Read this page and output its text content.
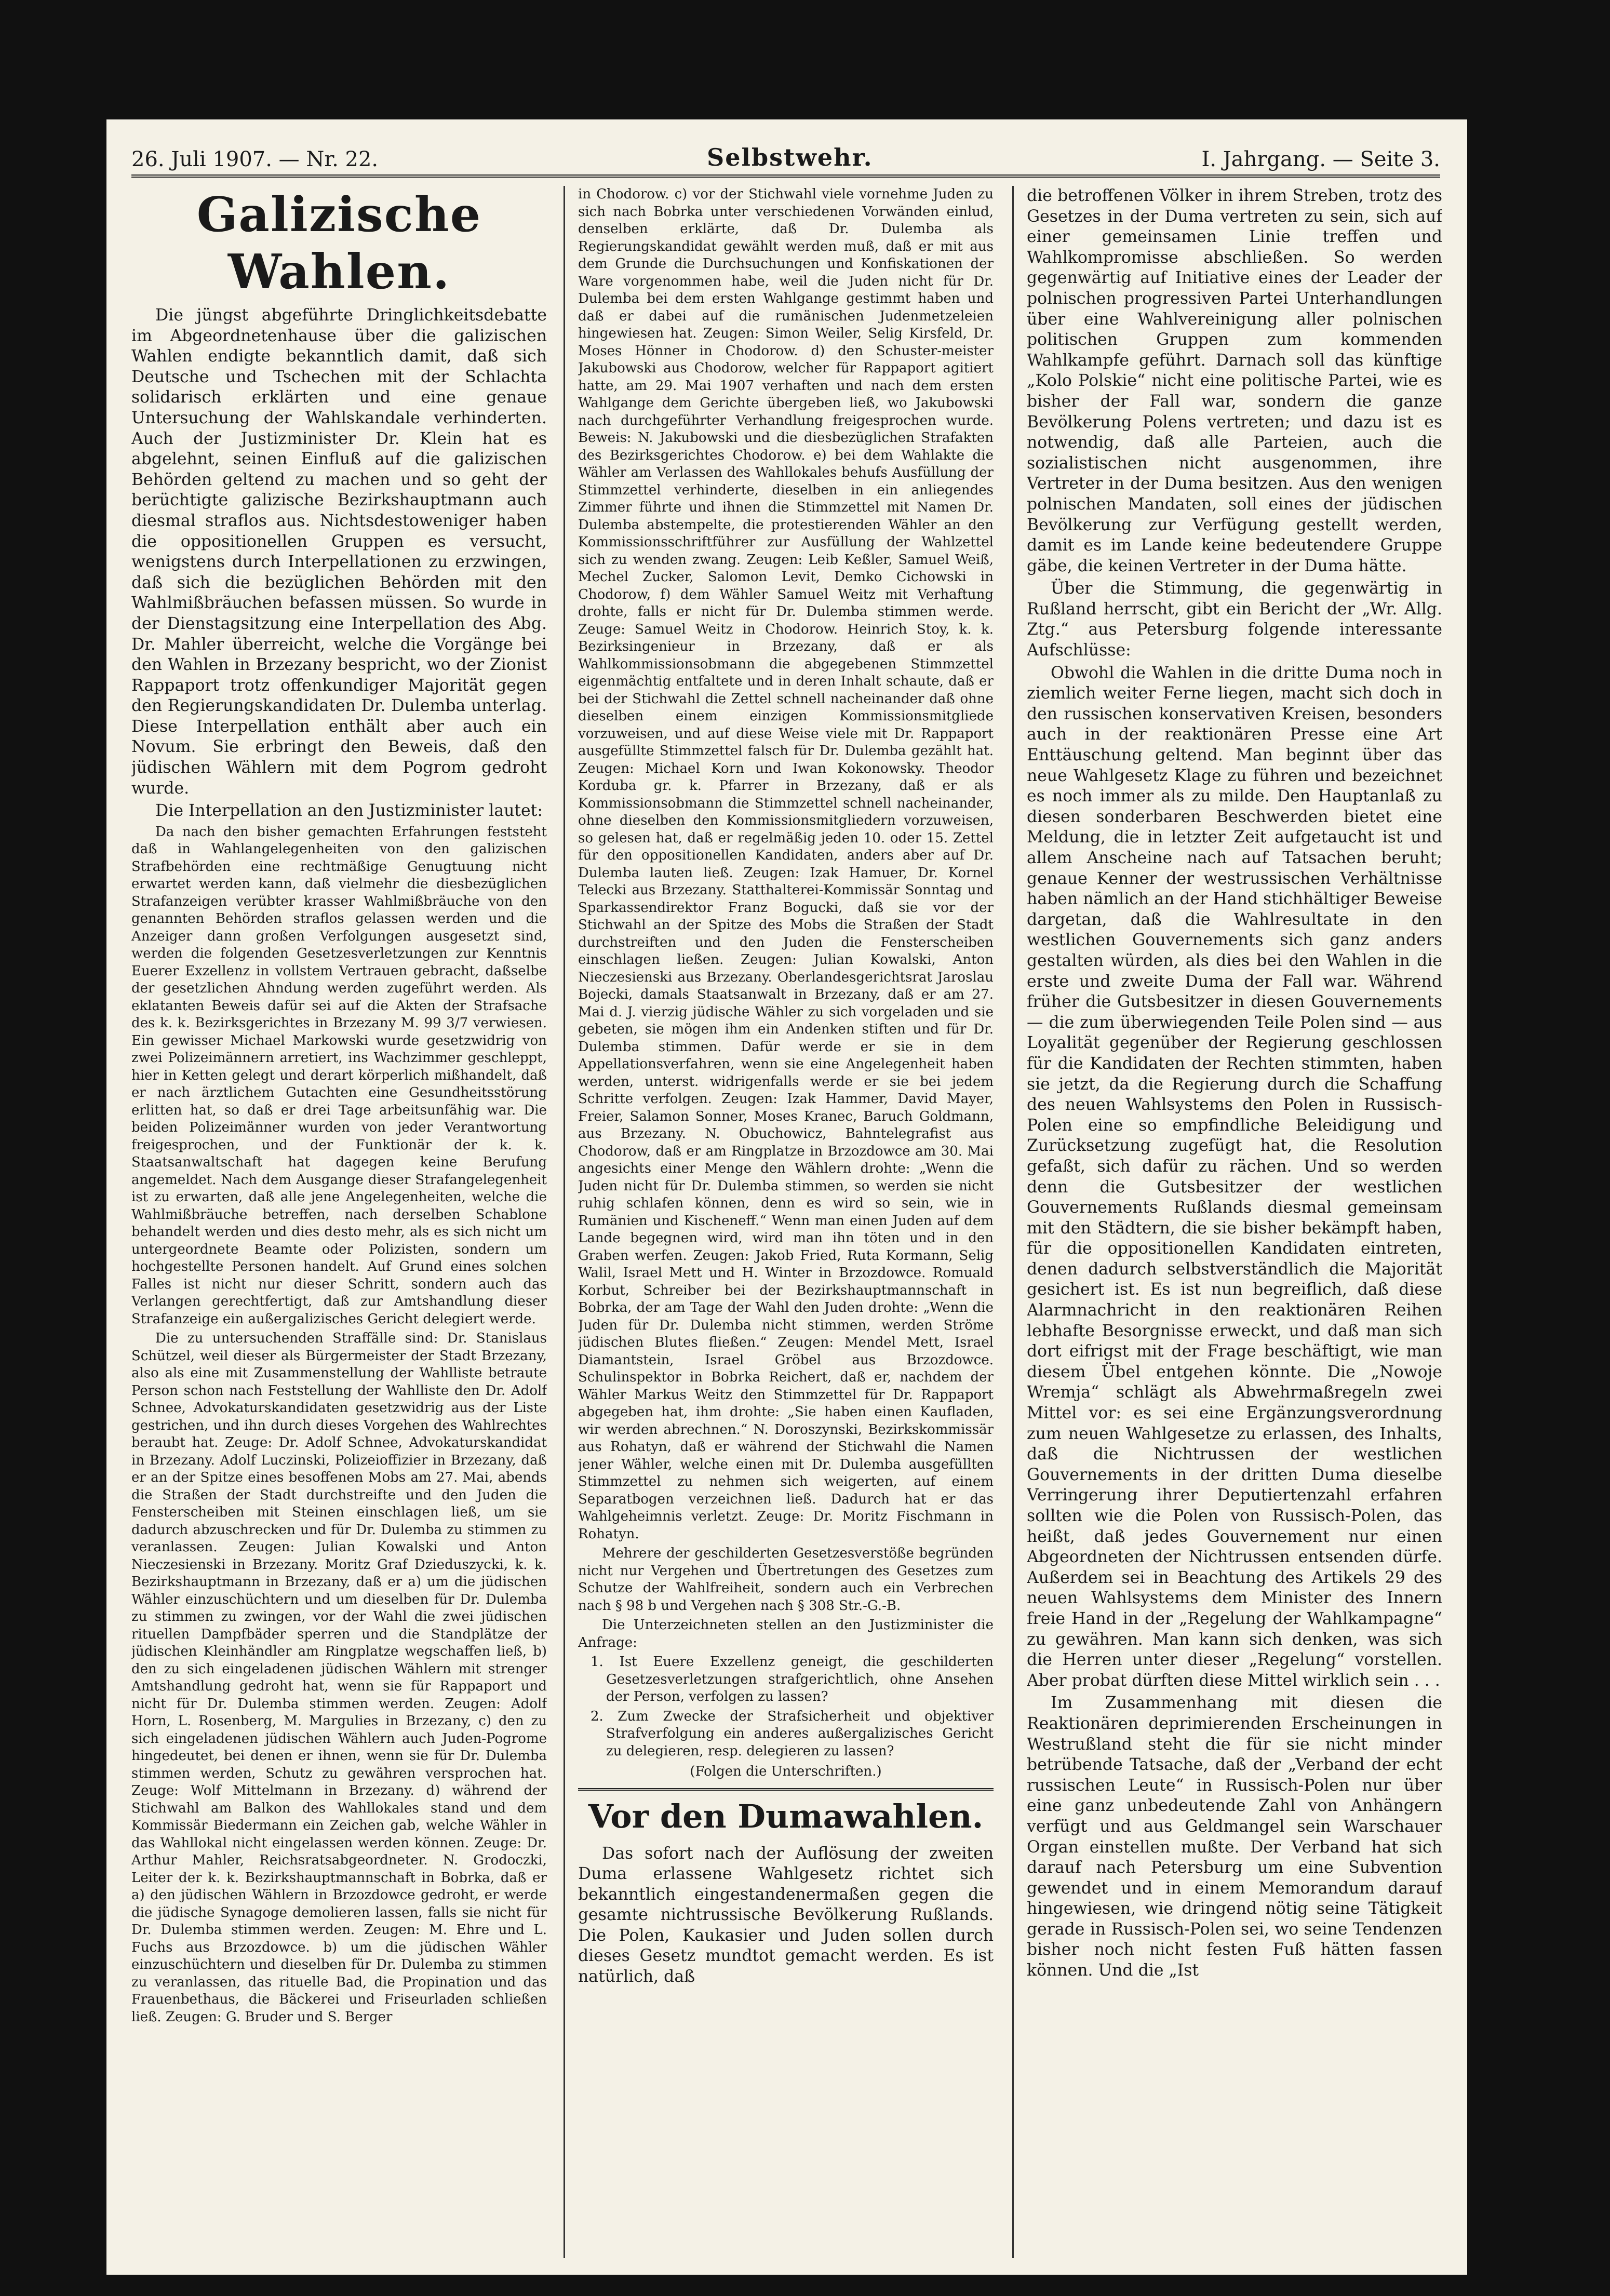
26. Juli 1907. — Nr. 22.	Selbstwehr.	I. Jahrgang. — Seite 3.
Galizische Wahlen.

Die jüngst abgeführte Dringlichkeitsdebatte im Abgeordnetenhause über die galizischen Wahlen endigte bekanntlich damit, daß sich Deutsche und Tschechen mit der Schlachta solidarisch erklärten und eine genaue Untersuchung der Wahlskandale verhinderten. Auch der Justizminister Dr. Klein hat es abgelehnt, seinen Einfluß auf die galizischen Behörden geltend zu machen und so geht der berüchtigte galizische Bezirkshauptmann auch diesmal straflos aus. Nichtsdestoweniger haben die oppositionellen Gruppen es versucht, wenigstens durch Interpellationen zu erzwingen, daß sich die bezüglichen Behörden mit den Wahlmißbräuchen befassen müssen. So wurde in der Dienstagsitzung eine Interpellation des Abg. Dr. Mahler überreicht, welche die Vorgänge bei den Wahlen in Brzezany bespricht, wo der Zionist Rappaport trotz offenkundiger Majorität gegen den Regierungskandidaten Dr. Dulemba unterlag. Diese Interpellation enthält aber auch ein Novum. Sie erbringt den Beweis, daß den jüdischen Wählern mit dem Pogrom gedroht wurde.

Die Interpellation an den Justizminister lautet:

Da nach den bisher gemachten Erfahrungen feststeht daß in Wahlangelegenheiten von den galizischen Strafbehörden eine rechtmäßige Genugtuung nicht erwartet werden kann, daß vielmehr die diesbezüglichen Strafanzeigen verübter krasser Wahlmißbräuche von den genannten Behörden straflos gelassen werden und die Anzeiger dann großen Verfolgungen ausgesetzt sind, werden die folgenden Gesetzesverletzungen zur Kenntnis Euerer Exzellenz in vollstem Vertrauen gebracht, daßselbe der gesetzlichen Ahndung werden zugeführt werden. Als eklatanten Beweis dafür sei auf die Akten der Strafsache des k. k. Bezirksgerichtes in Brzezany M. 99 3/7 verwiesen. Ein gewisser Michael Markowski wurde gesetzwidrig von zwei Polizeimännern arretiert, ins Wachzimmer geschleppt, hier in Ketten gelegt und derart körperlich mißhandelt, daß er nach ärztlichem Gutachten eine Gesundheitsstörung erlitten hat, so daß er drei Tage arbeitsunfähig war. Die beiden Polizeimänner wurden von jeder Verantwortung freigesprochen, und der Funktionär der k. k. Staatsanwaltschaft hat dagegen keine Berufung angemeldet. Nach dem Ausgange dieser Strafangelegenheit ist zu erwarten, daß alle jene Angelegenheiten, welche die Wahlmißbräuche betreffen, nach derselben Schablone behandelt werden und dies desto mehr, als es sich nicht um untergeordnete Beamte oder Polizisten, sondern um hochgestellte Personen handelt. Auf Grund eines solchen Falles ist nicht nur dieser Schritt, sondern auch das Verlangen gerechtfertigt, daß zur Amtshandlung dieser Strafanzeige ein außergalizisches Gericht delegiert werde.

Die zu untersuchenden Straffälle sind: Dr. Stanislaus Schützel, weil dieser als Bürgermeister der Stadt Brzezany, also als eine mit Zusammenstellung der Wahlliste betraute Person schon nach Feststellung der Wahlliste den Dr. Adolf Schnee, Advokaturskandidaten gesetzwidrig aus der Liste gestrichen, und ihn durch dieses Vorgehen des Wahlrechtes beraubt hat. Zeuge: Dr. Adolf Schnee, Advokaturskandidat in Brzezany. Adolf Luczinski, Polizeioffizier in Brzezany, daß er an der Spitze eines besoffenen Mobs am 27. Mai, abends die Straßen der Stadt durchstreifte und den Juden die Fensterscheiben mit Steinen einschlagen ließ, um sie dadurch abzuschrecken und für Dr. Dulemba zu stimmen zu veranlassen. Zeugen: Julian Kowalski und Anton Nieczesienski in Brzezany. Moritz Graf Dzieduszycki, k. k. Bezirkshauptmann in Brzezany, daß er a) um die jüdischen Wähler einzuschüchtern und um dieselben für Dr. Dulemba zu stimmen zu zwingen, vor der Wahl die zwei jüdischen rituellen Dampfbäder sperren und die Standplätze der jüdischen Kleinhändler am Ringplatze wegschaffen ließ, b) den zu sich eingeladenen jüdischen Wählern mit strenger Amtshandlung gedroht hat, wenn sie für Rappaport und nicht für Dr. Dulemba stimmen werden. Zeugen: Adolf Horn, L. Rosenberg, M. Margulies in Brzezany, c) den zu sich eingeladenen jüdischen Wählern auch Juden-Pogrome hingedeutet, bei denen er ihnen, wenn sie für Dr. Dulemba stimmen werden, Schutz zu gewähren versprochen hat. Zeuge: Wolf Mittelmann in Brzezany. d) während der Stichwahl am Balkon des Wahllokales stand und dem Kommissär Biedermann ein Zeichen gab, welche Wähler in das Wahllokal nicht eingelassen werden können. Zeuge: Dr. Arthur Mahler, Reichsratsabgeordneter. N. Grodoczki, Leiter der k. k. Bezirkshauptmannschaft in Bobrka, daß er a) den jüdischen Wählern in Brzozdowce gedroht, er werde die jüdische Synagoge demolieren lassen, falls sie nicht für Dr. Dulemba stimmen werden. Zeugen: M. Ehre und L. Fuchs aus Brzozdowce. b) um die jüdischen Wähler einzuschüchtern und dieselben für Dr. Dulemba zu stimmen zu veranlassen, das rituelle Bad, die Propination und das Frauenbethaus, die Bäckerei und Friseurladen schließen ließ. Zeugen: G. Bruder und S. Berger

in Chodorow. c) vor der Stichwahl viele vornehme Juden zu sich nach Bobrka unter verschiedenen Vorwänden einlud, denselben erklärte, daß Dr. Dulemba als Regierungskandidat gewählt werden muß, daß er mit aus dem Grunde die Durchsuchungen und Konfiskationen der Ware vorgenommen habe, weil die Juden nicht für Dr. Dulemba bei dem ersten Wahlgange gestimmt haben und daß er dabei auf die rumänischen Judenmetzeleien hingewiesen hat. Zeugen: Simon Weiler, Selig Kirsfeld, Dr. Moses Hönner in Chodorow. d) den Schuster-meister Jakubowski aus Chodorow, welcher für Rappaport agitiert hatte, am 29. Mai 1907 verhaften und nach dem ersten Wahlgange dem Gerichte übergeben ließ, wo Jakubowski nach durchgeführter Verhandlung freigesprochen wurde. Beweis: N. Jakubowski und die diesbezüglichen Strafakten des Bezirksgerichtes Chodorow. e) bei dem Wahlakte die Wähler am Verlassen des Wahllokales behufs Ausfüllung der Stimmzettel verhinderte, dieselben in ein anliegendes Zimmer führte und ihnen die Stimmzettel mit Namen Dr. Dulemba abstempelte, die protestierenden Wähler an den Kommissionsschriftführer zur Ausfüllung der Wahlzettel sich zu wenden zwang. Zeugen: Leib Keßler, Samuel Weiß, Mechel Zucker, Salomon Levit, Demko Cichowski in Chodorow, f) dem Wähler Samuel Weitz mit Verhaftung drohte, falls er nicht für Dr. Dulemba stimmen werde. Zeuge: Samuel Weitz in Chodorow. Heinrich Stoy, k. k. Bezirksingenieur in Brzezany, daß er als Wahlkommissionsobmann die abgegebenen Stimmzettel eigenmächtig entfaltete und in deren Inhalt schaute, daß er bei der Stichwahl die Zettel schnell nacheinander daß ohne dieselben einem einzigen Kommissionsmitgliede vorzuweisen, und auf diese Weise viele mit Dr. Rappaport ausgefüllte Stimmzettel falsch für Dr. Dulemba gezählt hat. Zeugen: Michael Korn und Iwan Kokonowsky. Theodor Korduba gr. k. Pfarrer in Brzezany, daß er als Kommissionsobmann die Stimmzettel schnell nacheinander, ohne dieselben den Kommissionsmitgliedern vorzuweisen, so gelesen hat, daß er regelmäßig jeden 10. oder 15. Zettel für den oppositionellen Kandidaten, anders aber auf Dr. Dulemba lauten ließ. Zeugen: Izak Hamuer, Dr. Kornel Telecki aus Brzezany. Statthalterei-Kommissär Sonntag und Sparkassendirektor Franz Bogucki, daß sie vor der Stichwahl an der Spitze des Mobs die Straßen der Stadt durchstreiften und den Juden die Fensterscheiben einschlagen ließen. Zeugen: Julian Kowalski, Anton Nieczesienski aus Brzezany. Oberlandesgerichtsrat Jaroslau Bojecki, damals Staatsanwalt in Brzezany, daß er am 27. Mai d. J. vierzig jüdische Wähler zu sich vorgeladen und sie gebeten, sie mögen ihm ein Andenken stiften und für Dr. Dulemba stimmen. Dafür werde er sie in dem Appellationsverfahren, wenn sie eine Angelegenheit haben werden, unterst. widrigenfalls werde er sie bei jedem Schritte verfolgen. Zeugen: Izak Hammer, David Mayer, Freier, Salamon Sonner, Moses Kranec, Baruch Goldmann, aus Brzezany. N. Obuchowicz, Bahntelegrafist aus Chodorow, daß er am Ringplatze in Brzozdowce am 30. Mai angesichts einer Menge den Wählern drohte: „Wenn die Juden nicht für Dr. Dulemba stimmen, so werden sie nicht ruhig schlafen können, denn es wird so sein, wie in Rumänien und Kischeneff.“ Wenn man einen Juden auf dem Lande begegnen wird, wird man ihn töten und in den Graben werfen. Zeugen: Jakob Fried, Ruta Kormann, Selig Walil, Israel Mett und H. Winter in Brzozdowce. Romuald Korbut, Schreiber bei der Bezirkshauptmannschaft in Bobrka, der am Tage der Wahl den Juden drohte: „Wenn die Juden für Dr. Dulemba nicht stimmen, werden Ströme jüdischen Blutes fließen.“ Zeugen: Mendel Mett, Israel Diamantstein, Israel Gröbel aus Brzozdowce. Schulinspektor in Bobrka Reichert, daß er, nachdem der Wähler Markus Weitz den Stimmzettel für Dr. Rappaport abgegeben hat, ihm drohte: „Sie haben einen Kaufladen, wir werden abrechnen.“ N. Doroszynski, Bezirkskommissär aus Rohatyn, daß er während der Stichwahl die Namen jener Wähler, welche einen mit Dr. Dulemba ausgefüllten Stimmzettel zu nehmen sich weigerten, auf einem Separatbogen verzeichnen ließ. Dadurch hat er das Wahlgeheimnis verletzt. Zeuge: Dr. Moritz Fischmann in Rohatyn.

Mehrere der geschilderten Gesetzesverstöße begründen nicht nur Vergehen und Übertretungen des Gesetzes zum Schutze der Wahlfreiheit, sondern auch ein Verbrechen nach § 98 b und Vergehen nach § 308 Str.-G.-B.

Die Unterzeichneten stellen an den Justizminister die Anfrage:

1. Ist Euere Exzellenz geneigt, die geschilderten Gesetzesverletzungen strafgerichtlich, ohne Ansehen der Person, verfolgen zu lassen?
2. Zum Zwecke der Strafsicherheit und objektiver Strafverfolgung ein anderes außergalizisches Gericht zu delegieren, resp. delegieren zu lassen?
(Folgen die Unterschriften.)
Vor den Dumawahlen.

Das sofort nach der Auflösung der zweiten Duma erlassene Wahlgesetz richtet sich bekanntlich eingestandenermaßen gegen die gesamte nichtrussische Bevölkerung Rußlands. Die Polen, Kaukasier und Juden sollen durch dieses Gesetz mundtot gemacht werden. Es ist natürlich, daß

die betroffenen Völker in ihrem Streben, trotz des Gesetzes in der Duma vertreten zu sein, sich auf einer gemeinsamen Linie treffen und Wahlkompromisse abschließen. So werden gegenwärtig auf Initiative eines der Leader der polnischen progressiven Partei Unterhandlungen über eine Wahlvereinigung aller polnischen politischen Gruppen zum kommenden Wahlkampfe geführt. Darnach soll das künftige „Kolo Polskie“ nicht eine politische Partei, wie es bisher der Fall war, sondern die ganze Bevölkerung Polens vertreten; und dazu ist es notwendig, daß alle Parteien, auch die sozialistischen nicht ausgenommen, ihre Vertreter in der Duma besitzen. Aus den wenigen polnischen Mandaten, soll eines der jüdischen Bevölkerung zur Verfügung gestellt werden, damit es im Lande keine bedeutendere Gruppe gäbe, die keinen Vertreter in der Duma hätte.

Über die Stimmung, die gegenwärtig in Rußland herrscht, gibt ein Bericht der „Wr. Allg. Ztg.“ aus Petersburg folgende interessante Aufschlüsse:

Obwohl die Wahlen in die dritte Duma noch in ziemlich weiter Ferne liegen, macht sich doch in den russischen konservativen Kreisen, besonders auch in der reaktionären Presse eine Art Enttäuschung geltend. Man beginnt über das neue Wahlgesetz Klage zu führen und bezeichnet es noch immer als zu milde. Den Hauptanlaß zu diesen sonderbaren Beschwerden bietet eine Meldung, die in letzter Zeit aufgetaucht ist und allem Anscheine nach auf Tatsachen beruht; genaue Kenner der westrussischen Verhältnisse haben nämlich an der Hand stichhältiger Beweise dargetan, daß die Wahlresultate in den westlichen Gouvernements sich ganz anders gestalten würden, als dies bei den Wahlen in die erste und zweite Duma der Fall war. Während früher die Gutsbesitzer in diesen Gouvernements — die zum überwiegenden Teile Polen sind — aus Loyalität gegenüber der Regierung geschlossen für die Kandidaten der Rechten stimmten, haben sie jetzt, da die Regierung durch die Schaffung des neuen Wahlsystems den Polen in Russisch-Polen eine so empfindliche Beleidigung und Zurücksetzung zugefügt hat, die Resolution gefaßt, sich dafür zu rächen. Und so werden denn die Gutsbesitzer der westlichen Gouvernements Rußlands diesmal gemeinsam mit den Städtern, die sie bisher bekämpft haben, für die oppositionellen Kandidaten eintreten, denen dadurch selbstverständlich die Majorität gesichert ist. Es ist nun begreiflich, daß diese Alarmnachricht in den reaktionären Reihen lebhafte Besorgnisse erweckt, und daß man sich dort eifrigst mit der Frage beschäftigt, wie man diesem Übel entgehen könnte. Die „Nowoje Wremja“ schlägt als Abwehrmaßregeln zwei Mittel vor: es sei eine Ergänzungsverordnung zum neuen Wahlgesetze zu erlassen, des Inhalts, daß die Nichtrussen der westlichen Gouvernements in der dritten Duma dieselbe Verringerung ihrer Deputiertenzahl erfahren sollten wie die Polen von Russisch-Polen, das heißt, daß jedes Gouvernement nur einen Abgeordneten der Nichtrussen entsenden dürfe. Außerdem sei in Beachtung des Artikels 29 des neuen Wahlsystems dem Minister des Innern freie Hand in der „Regelung der Wahlkampagne“ zu gewähren. Man kann sich denken, was sich die Herren unter dieser „Regelung“ vorstellen. Aber probat dürften diese Mittel wirklich sein . . .

Im Zusammenhang mit diesen die Reaktionären deprimierenden Erscheinungen in Westrußland steht die für sie nicht minder betrübende Tatsache, daß der „Verband der echt russischen Leute“ in Russisch-Polen nur über eine ganz unbedeutende Zahl von Anhängern verfügt und aus Geldmangel sein Warschauer Organ einstellen mußte. Der Verband hat sich darauf nach Petersburg um eine Subvention gewendet und in einem Memorandum darauf hingewiesen, wie dringend nötig seine Tätigkeit gerade in Russisch-Polen sei, wo seine Tendenzen bisher noch nicht festen Fuß hätten fassen können. Und die „Ist
